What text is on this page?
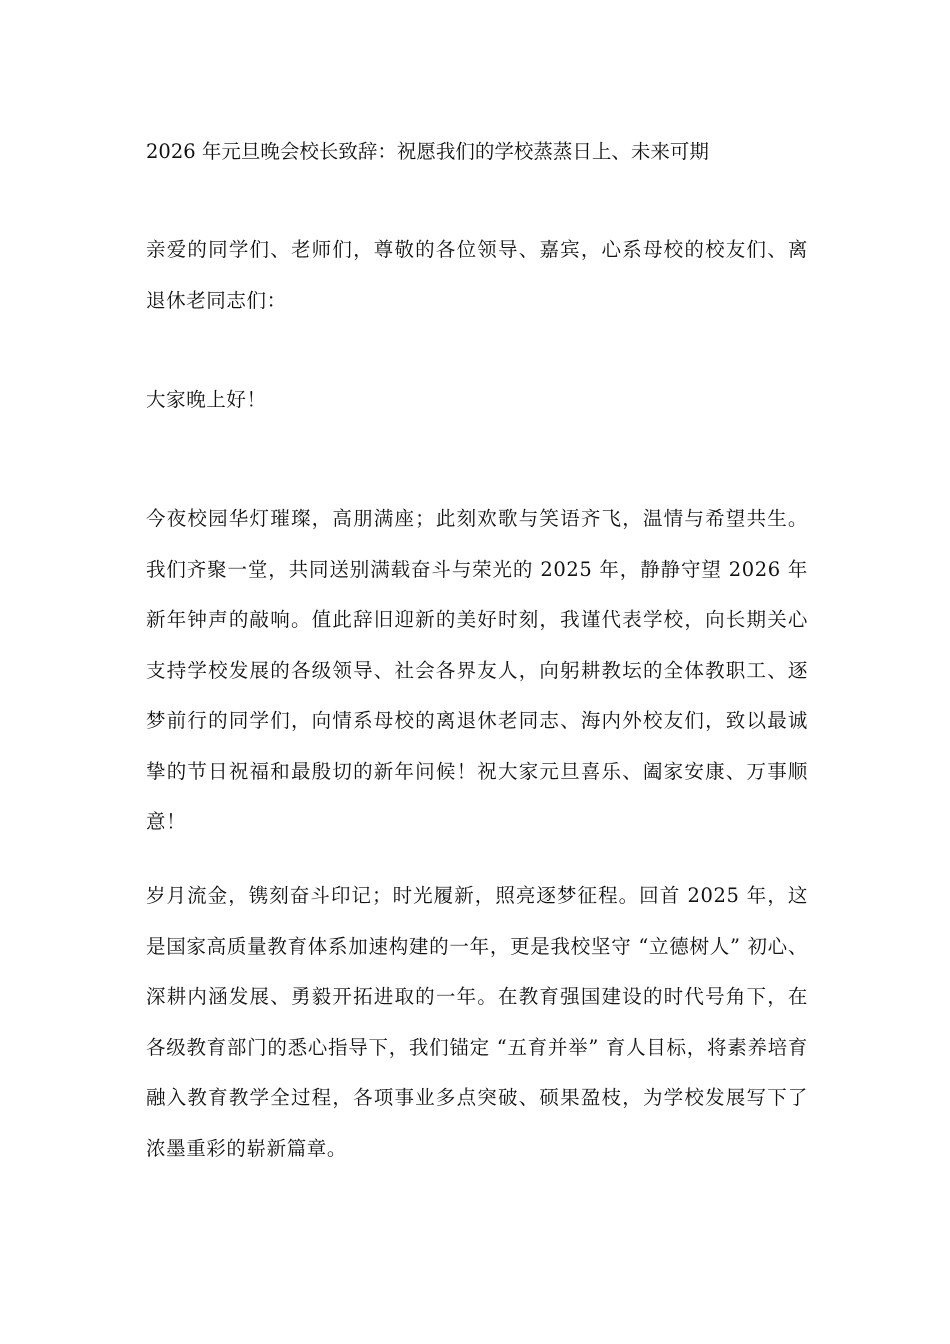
2026 年元旦晚会校长致辞：祝愿我们的学校蒸蒸日上、未来可期

亲爱的同学们、老师们，尊敬的各位领导、嘉宾，心系母校的校友们、离退休老同志们：

大家晚上好！

今夜校园华灯璀璨，高朋满座；此刻欢歌与笑语齐飞，温情与希望共生。我们齐聚一堂，共同送别满载奋斗与荣光的 2025 年，静静守望 2026 年新年钟声的敲响。值此辞旧迎新的美好时刻，我谨代表学校，向长期关心支持学校发展的各级领导、社会各界友人，向躬耕教坛的全体教职工、逐梦前行的同学们，向情系母校的离退休老同志、海内外校友们，致以最诚挚的节日祝福和最殷切的新年问候！祝大家元旦喜乐、阖家安康、万事顺意！

岁月流金，镌刻奋斗印记；时光履新，照亮逐梦征程。回首 2025 年，这是国家高质量教育体系加速构建的一年，更是我校坚守 “立德树人” 初心、深耕内涵发展、勇毅开拓进取的一年。在教育强国建设的时代号角下，在各级教育部门的悉心指导下，我们锚定 “五育并举” 育人目标，将素养培育融入教育教学全过程，各项事业多点突破、硕果盈枝，为学校发展写下了浓墨重彩的崭新篇章。
